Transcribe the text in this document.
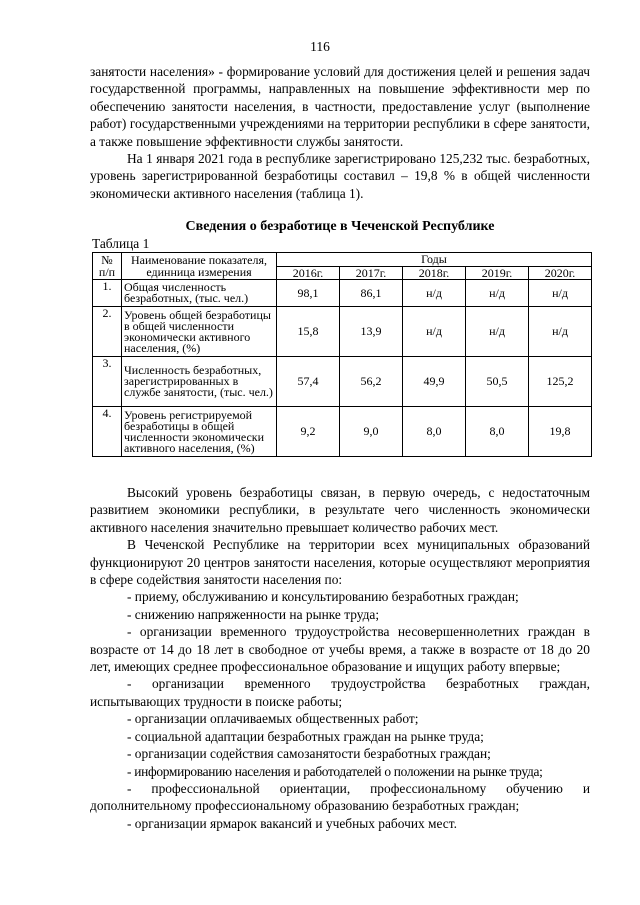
116

занятости населения» - формирование условий для достижения целей и решения задач государственной программы, направленных на повышение эффективности мер по обеспечению занятости населения, в частности, предоставление услуг (выполнение работ) государственными учреждениями на территории республики в сфере занятости, а также повышение эффективности службы занятости.

На 1 января 2021 года в республике зарегистрировано 125,232 тыс. безработных, уровень зарегистрированной безработицы составил – 19,8 % в общей численности экономически активного населения (таблица 1).

Сведения о безработице в Чеченской Республике
Таблица 1
№ п/п	Наименование показателя, единница измерения	Годы				
		2016г.	2017г.	2018г.	2019г.	2020г.
1.	Общая численность безработных, (тыс. чел.)	98,1	86,1	н/д	н/д	н/д
2.	Уровень общей безработицы в общей численности экономически активного населения, (%)	15,8	13,9	н/д	н/д	н/д
3.	Численность безработных, зарегистрированных в службе занятости, (тыс. чел.)	57,4	56,2	49,9	50,5	125,2
4.	Уровень регистрируемой безработицы в общей численности экономически активного населения, (%)	9,2	9,0	8,0	8,0	19,8

Высокий уровень безработицы связан, в первую очередь, с недостаточным развитием экономики республики, в результате чего численность экономически активного населения значительно превышает количество рабочих мест.

В Чеченской Республике на территории всех муниципальных образований функционируют 20 центров занятости населения, которые осуществляют мероприятия в сфере содействия занятости населения по:

- приему, обслуживанию и консультированию безработных граждан;

- снижению напряженности на рынке труда;

- организации временного трудоустройства несовершеннолетних граждан в возрасте от 14 до 18 лет в свободное от учебы время, а также в возрасте от 18 до 20 лет, имеющих среднее профессиональное образование и ищущих работу впервые;

- организации временного трудоустройства безработных граждан, испытывающих трудности в поиске работы;

- организации оплачиваемых общественных работ;

- социальной адаптации безработных граждан на рынке труда;

- организации содействия самозанятости безработных граждан;

- информированию населения и работодателей о положении на рынке труда;

- профессиональной ориентации, профессиональному обучению и дополнительному профессиональному образованию безработных граждан;

- организации ярмарок вакансий и учебных рабочих мест.
